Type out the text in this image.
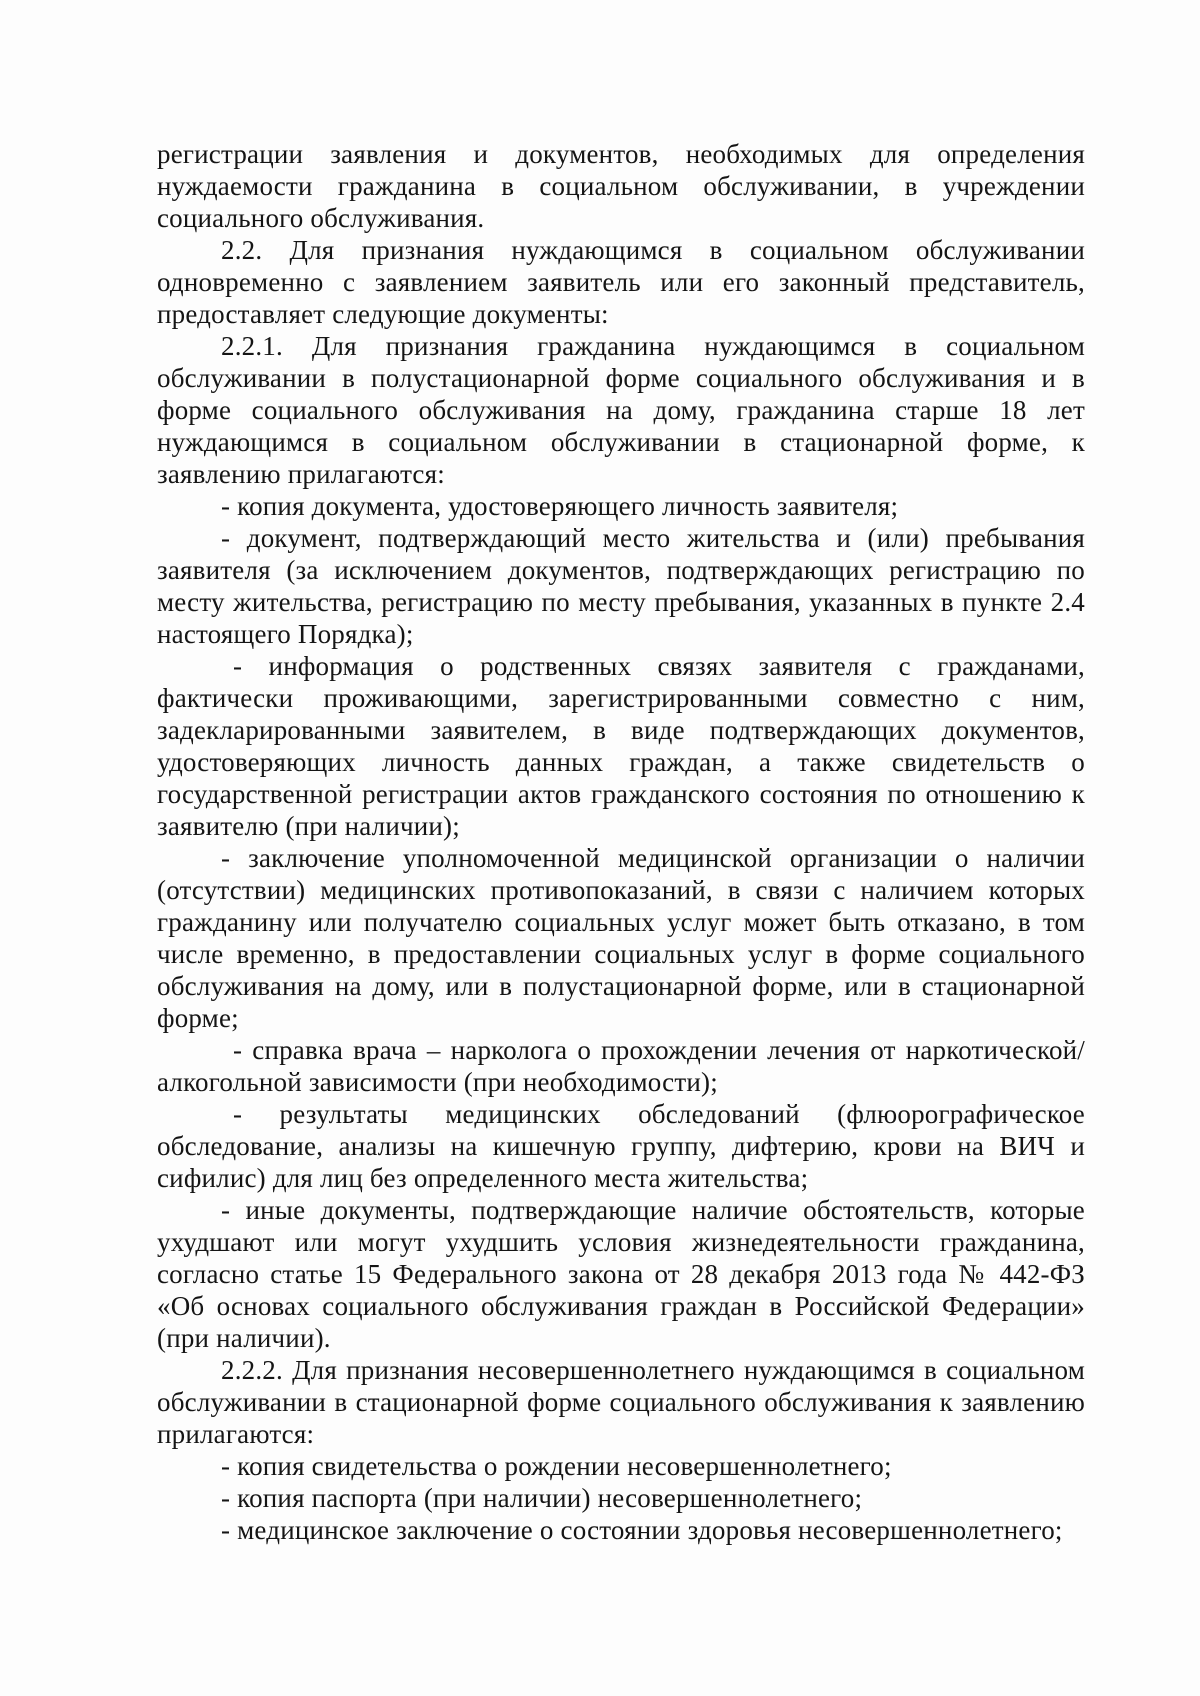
регистрации заявления и документов, необходимых для определения нуждаемости гражданина в социальном обслуживании, в учреждении социального обслуживания.

2.2. Для признания нуждающимся в социальном обслуживании одновременно с заявлением заявитель или его законный представитель, предоставляет следующие документы:

2.2.1. Для признания гражданина нуждающимся в социальном обслуживании в полустационарной форме социального обслуживания и в форме социального обслуживания на дому, гражданина старше 18 лет нуждающимся в социальном обслуживании в стационарной форме, к заявлению прилагаются:

- копия документа, удостоверяющего личность заявителя;

- документ, подтверждающий место жительства и (или) пребывания заявителя (за исключением документов, подтверждающих регистрацию по месту жительства, регистрацию по месту пребывания, указанных в пункте 2.4 настоящего Порядка);

- информация о родственных связях заявителя с гражданами, фактически проживающими, зарегистрированными совместно с ним, задекларированными заявителем, в виде подтверждающих документов, удостоверяющих личность данных граждан, а также свидетельств о государственной регистрации актов гражданского состояния по отношению к заявителю (при наличии);

- заключение уполномоченной медицинской организации о наличии (отсутствии) медицинских противопоказаний, в связи с наличием которых гражданину или получателю социальных услуг может быть отказано, в том числе временно, в предоставлении социальных услуг в форме социального обслуживания на дому, или в полустационарной форме, или в стационарной форме;

- справка врача – нарколога о прохождении лечения от наркотической/алкогольной зависимости (при необходимости);

- результаты медицинских обследований (флюорографическое обследование, анализы на кишечную группу, дифтерию, крови на ВИЧ и сифилис) для лиц без определенного места жительства;

- иные документы, подтверждающие наличие обстоятельств, которые ухудшают или могут ухудшить условия жизнедеятельности гражданина, согласно статье 15 Федерального закона от 28 декабря 2013 года № 442-ФЗ «Об основах социального обслуживания граждан в Российской Федерации» (при наличии).

2.2.2. Для признания несовершеннолетнего нуждающимся в социальном обслуживании в стационарной форме социального обслуживания к заявлению прилагаются:

- копия свидетельства о рождении несовершеннолетнего;

- копия паспорта (при наличии) несовершеннолетнего;

- медицинское заключение о состоянии здоровья несовершеннолетнего;
